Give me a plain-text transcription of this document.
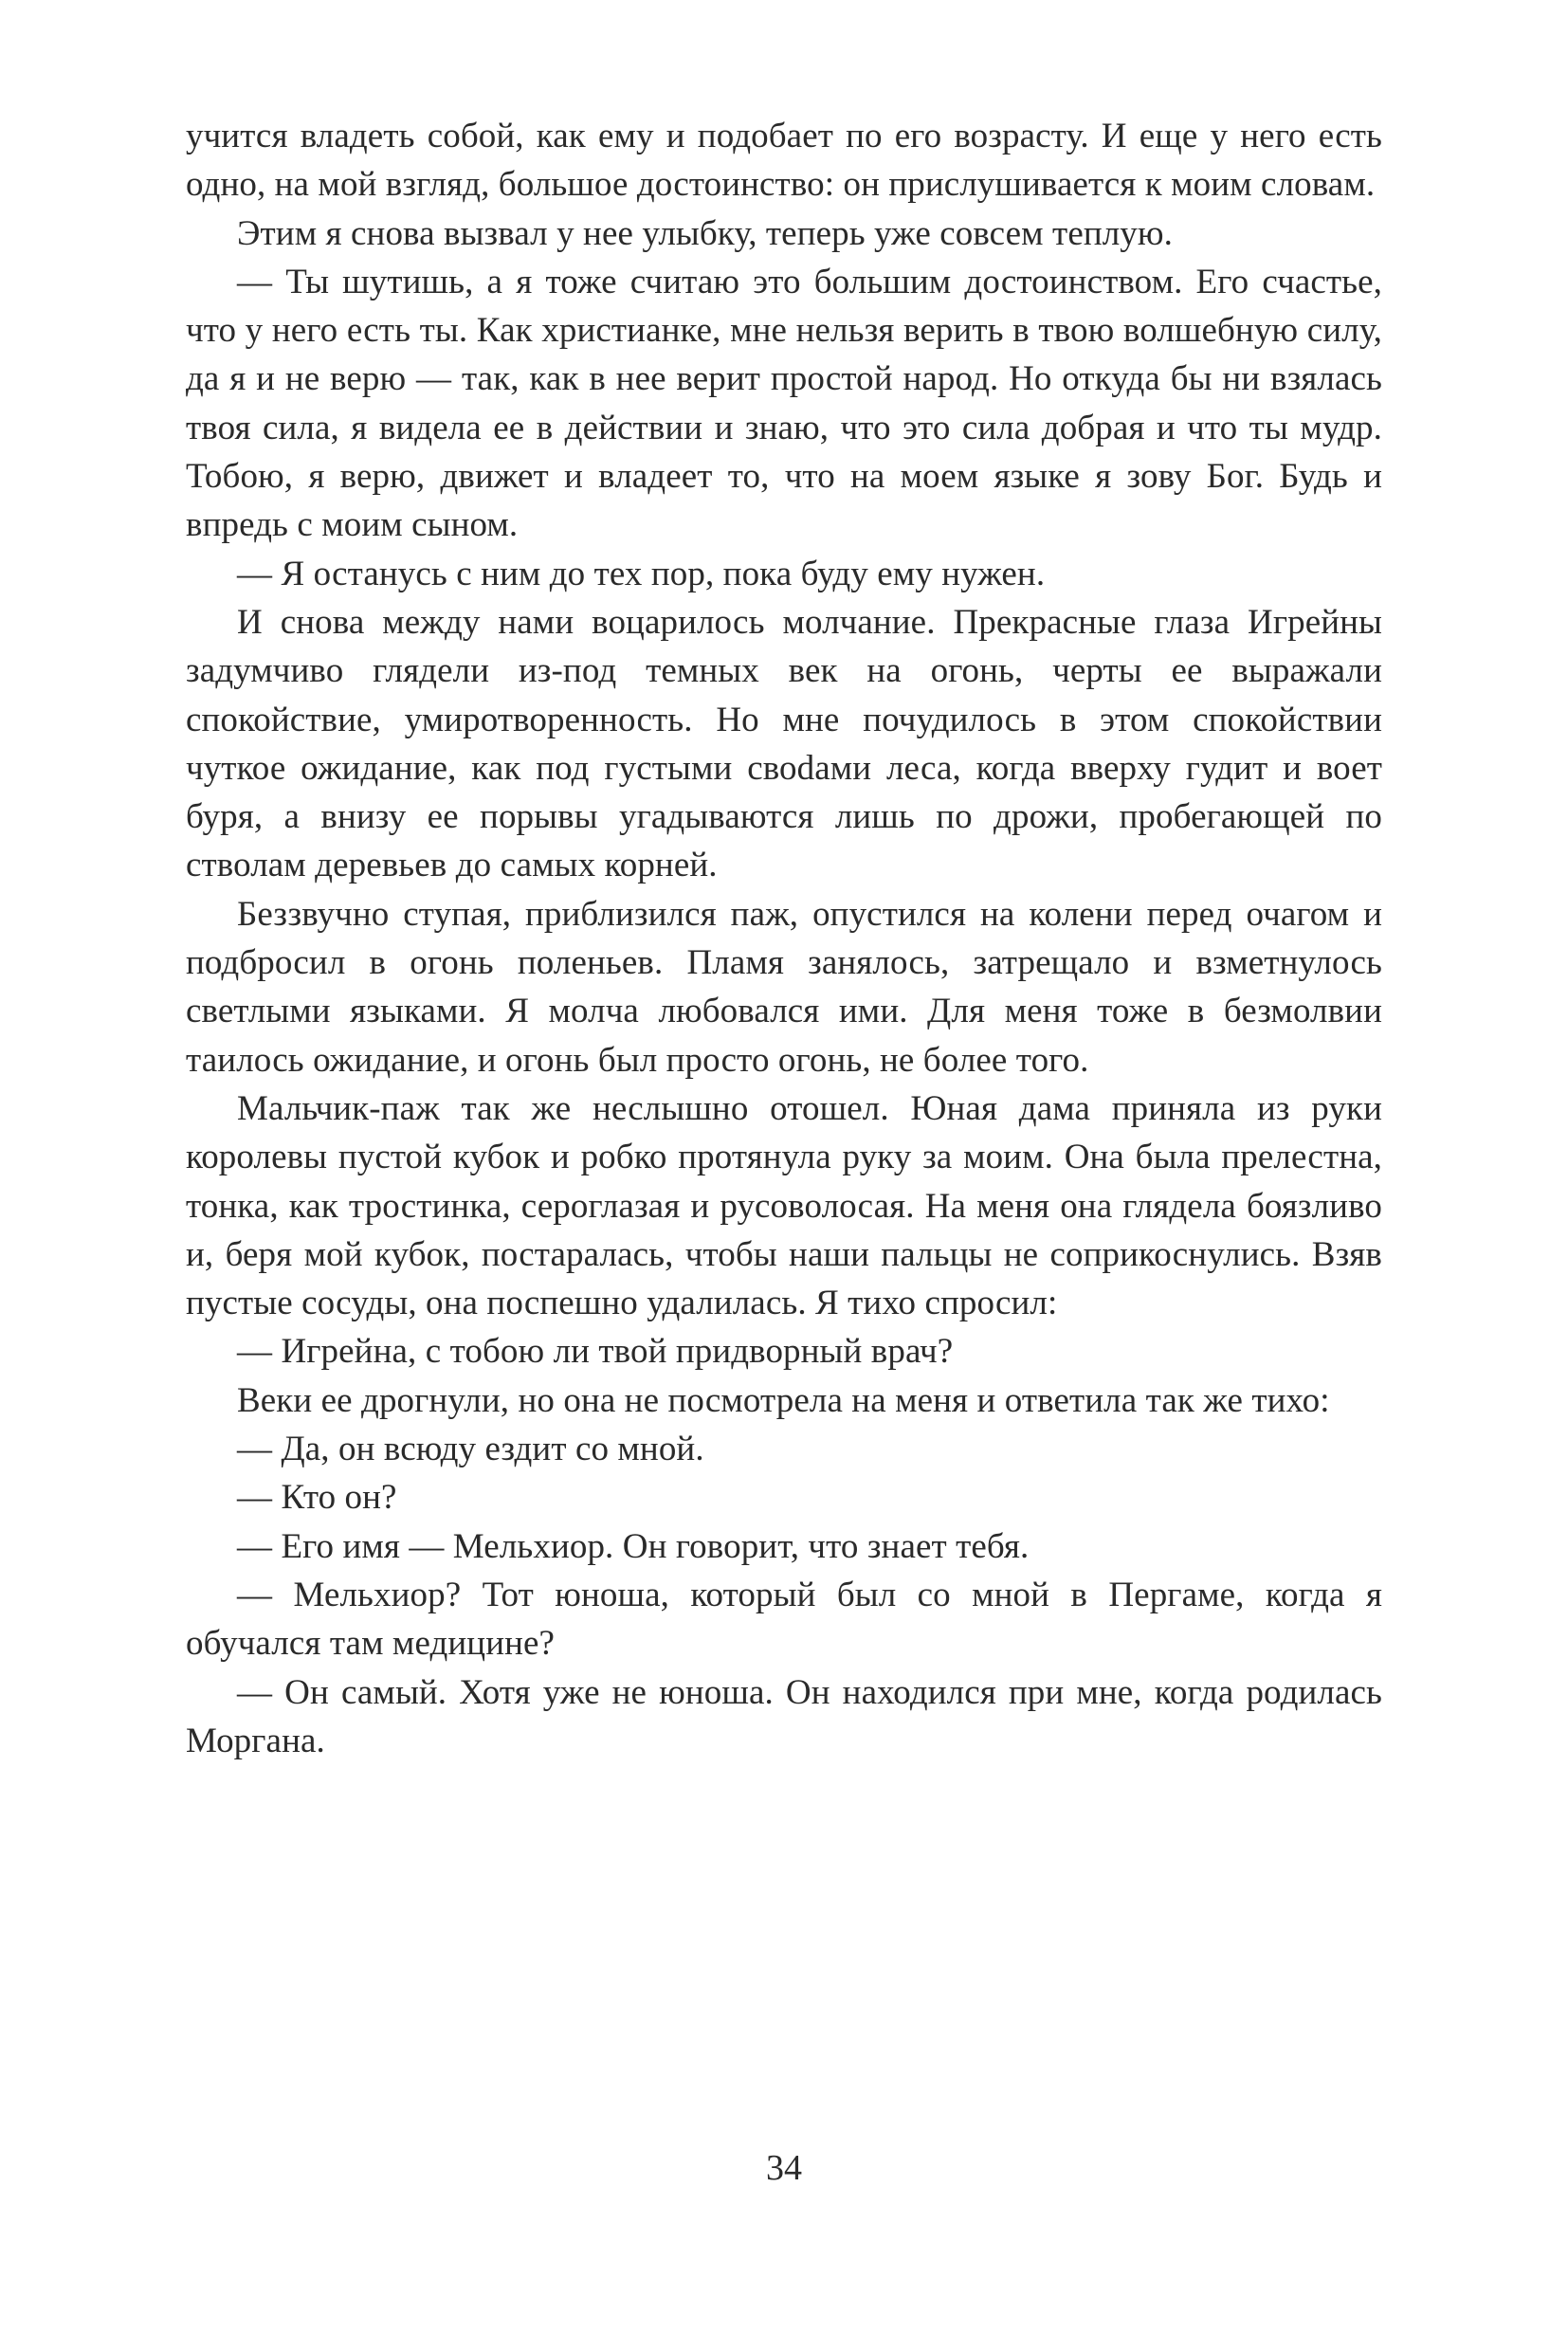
учится владеть собой, как ему и подобает по его возрасту. И еще у него есть одно, на мой взгляд, большое достоинство: он прислушивается к моим словам.

Этим я снова вызвал у нее улыбку, теперь уже совсем теплую.

— Ты шутишь, а я тоже считаю это большим достоинством. Его счастье, что у него есть ты. Как христианке, мне нельзя верить в твою волшебную силу, да я и не верю — так, как в нее верит простой народ. Но откуда бы ни взялась твоя сила, я видела ее в действии и знаю, что это сила добрая и что ты мудр. Тобою, я верю, движет и владеет то, что на моем языке я зову Бог. Будь и впредь с моим сыном.

— Я останусь с ним до тех пор, пока буду ему нужен.

И снова между нами воцарилось молчание. Прекрасные глаза Игрейны задумчиво глядели из-под темных век на огонь, черты ее выражали спокойствие, умиротворенность. Но мне почудилось в этом спокойствии чуткое ожидание, как под густыми своdами леса, когда вверху гудит и воет буря, а внизу ее порывы угадываются лишь по дрожи, пробегающей по стволам деревьев до самых корней.

Беззвучно ступая, приблизился паж, опустился на колени перед очагом и подбросил в огонь поленьев. Пламя занялось, затрещало и взметнулось светлыми языками. Я молча любовался ими. Для меня тоже в безмолвии таилось ожидание, и огонь был просто огонь, не более того.

Мальчик-паж так же неслышно отошел. Юная дама приняла из руки королевы пустой кубок и робко протянула руку за моим. Она была прелестна, тонка, как тростинка, сероглазая и русоволосая. На меня она глядела боязливо и, беря мой кубок, постаралась, чтобы наши пальцы не соприкоснулись. Взяв пустые сосуды, она поспешно удалилась. Я тихо спросил:

— Игрейна, с тобою ли твой придворный врач?

Веки ее дрогнули, но она не посмотрела на меня и ответила так же тихо:

— Да, он всюду ездит со мной.

— Кто он?

— Его имя — Мельхиор. Он говорит, что знает тебя.

— Мельхиор? Тот юноша, который был со мной в Пергаме, когда я обучался там медицине?

— Он самый. Хотя уже не юноша. Он находился при мне, когда родилась Моргана.

34
